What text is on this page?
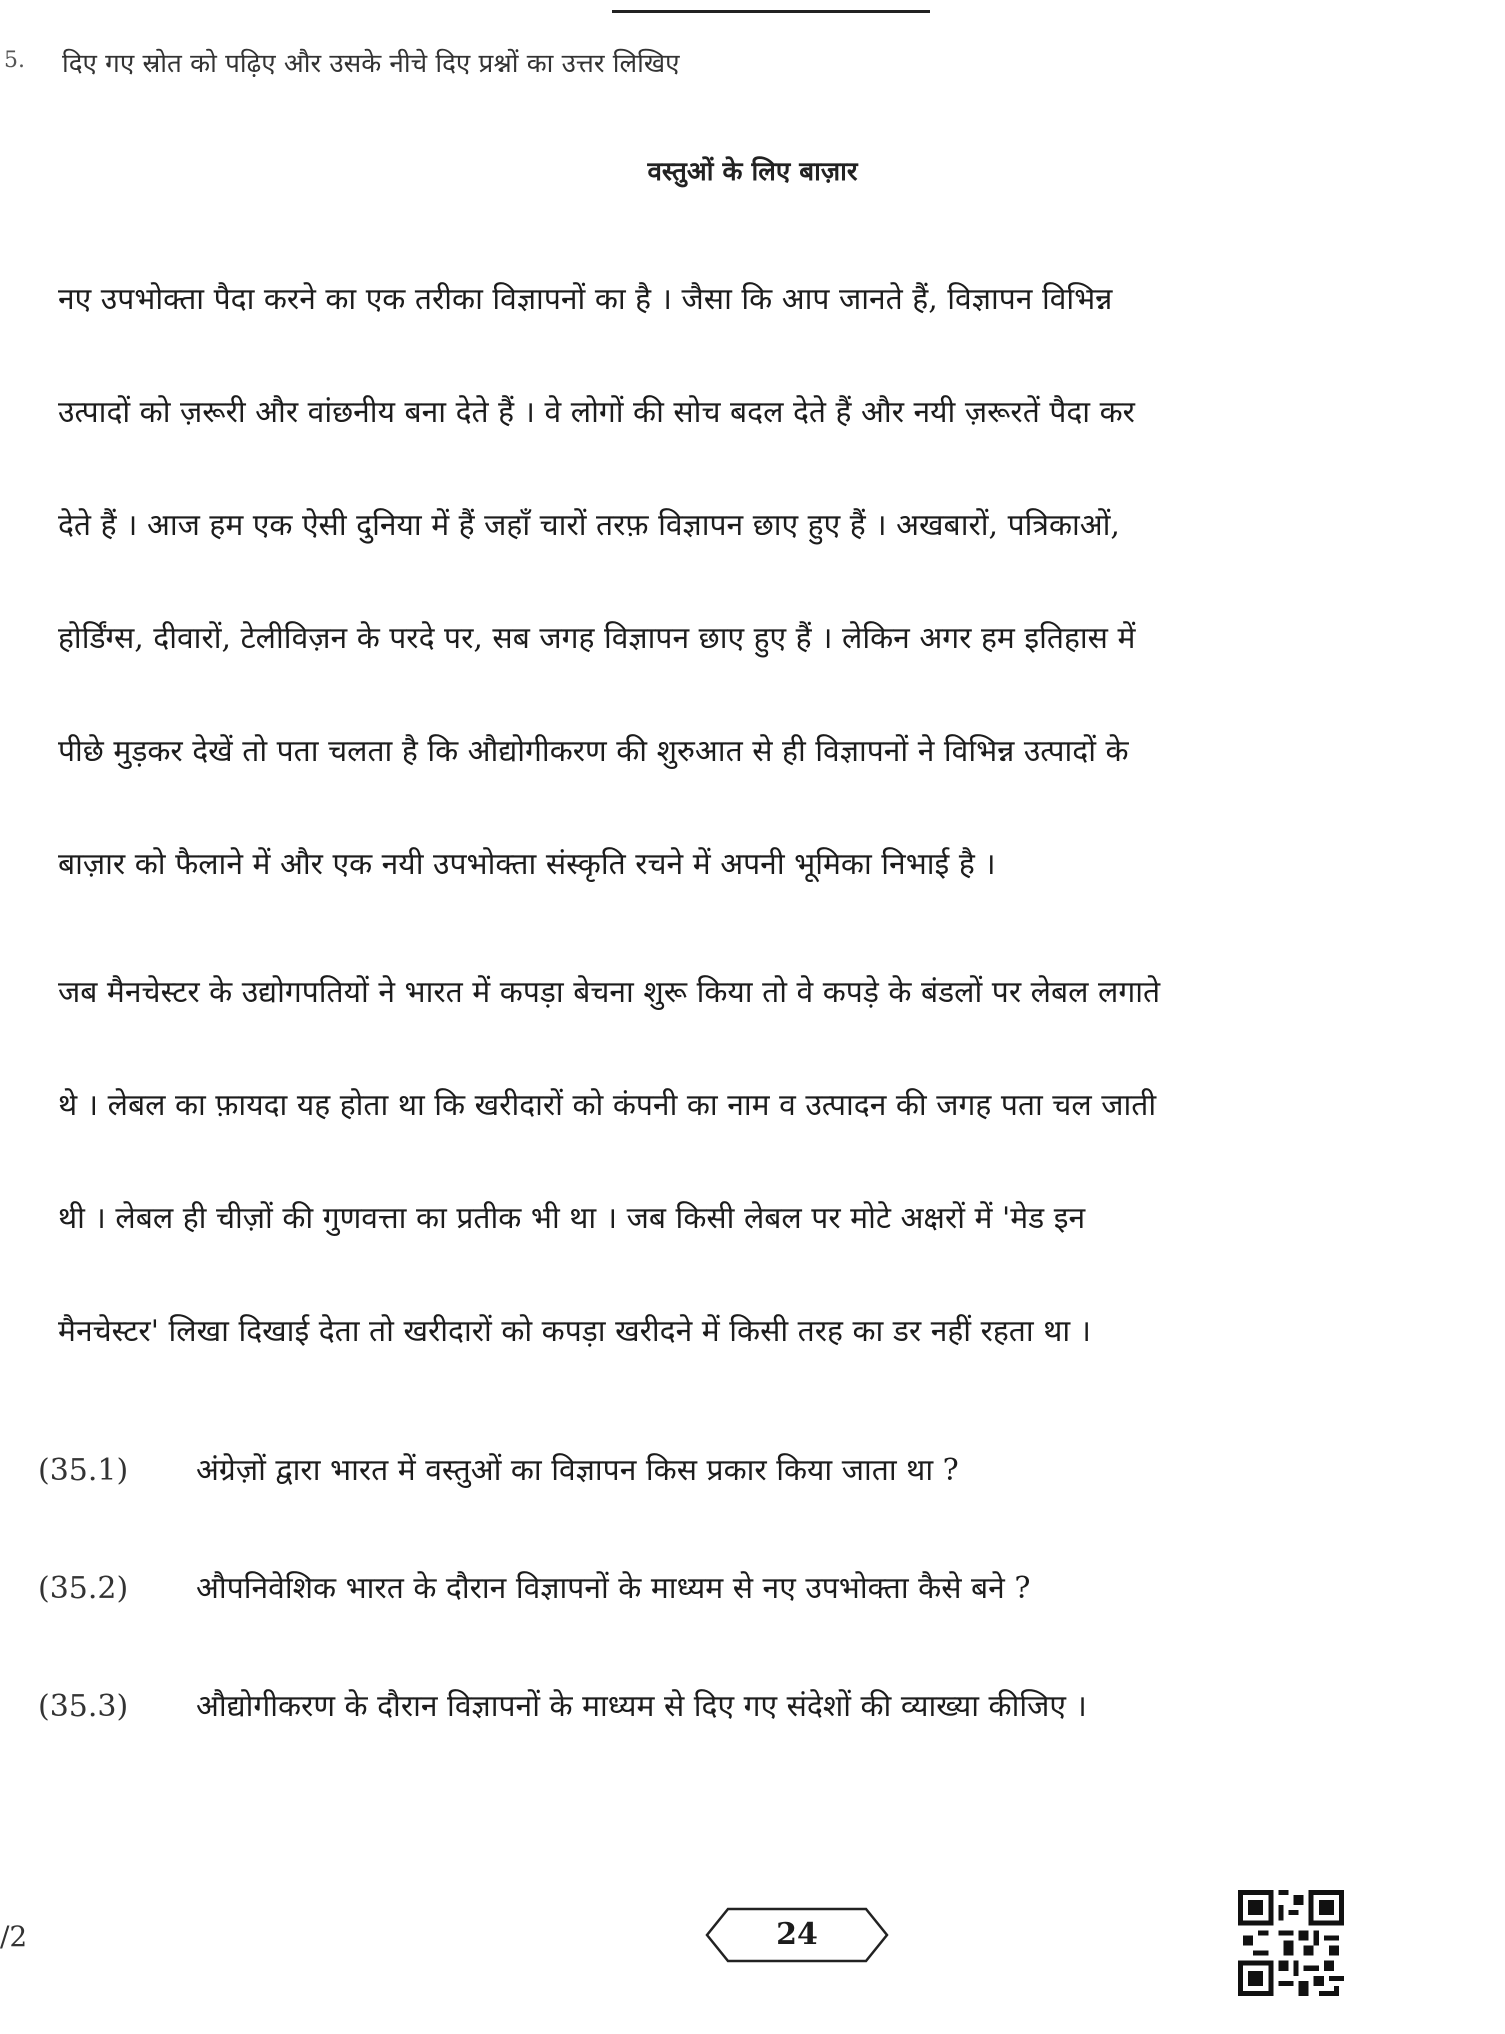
5. दिए गए स्रोत को पढ़िए और उसके नीचे दिए प्रश्नों का उत्तर लिखिए
वस्तुओं के लिए बाज़ार
नए उपभोक्ता पैदा करने का एक तरीका विज्ञापनों का है । जैसा कि आप जानते हैं, विज्ञापन विभिन्न
उत्पादों को ज़रूरी और वांछनीय बना देते हैं । वे लोगों की सोच बदल देते हैं और नयी ज़रूरतें पैदा कर
देते हैं । आज हम एक ऐसी दुनिया में हैं जहाँ चारों तरफ़ विज्ञापन छाए हुए हैं । अखबारों, पत्रिकाओं,
होर्डिंग्स, दीवारों, टेलीविज़न के परदे पर, सब जगह विज्ञापन छाए हुए हैं । लेकिन अगर हम इतिहास में
पीछे मुड़कर देखें तो पता चलता है कि औद्योगीकरण की शुरुआत से ही विज्ञापनों ने विभिन्न उत्पादों के
बाज़ार को फैलाने में और एक नयी उपभोक्ता संस्कृति रचने में अपनी भूमिका निभाई है ।
जब मैनचेस्टर के उद्योगपतियों ने भारत में कपड़ा बेचना शुरू किया तो वे कपड़े के बंडलों पर लेबल लगाते
थे । लेबल का फ़ायदा यह होता था कि खरीदारों को कंपनी का नाम व उत्पादन की जगह पता चल जाती
थी । लेबल ही चीज़ों की गुणवत्ता का प्रतीक भी था । जब किसी लेबल पर मोटे अक्षरों में 'मेड इन
मैनचेस्टर' लिखा दिखाई देता तो खरीदारों को कपड़ा खरीदने में किसी तरह का डर नहीं रहता था ।
(35.1) अंग्रेज़ों द्वारा भारत में वस्तुओं का विज्ञापन किस प्रकार किया जाता था ?
(35.2) औपनिवेशिक भारत के दौरान विज्ञापनों के माध्यम से नए उपभोक्ता कैसे बने ?
(35.3) औद्योगीकरण के दौरान विज्ञापनों के माध्यम से दिए गए संदेशों की व्याख्या कीजिए ।
/2	24
